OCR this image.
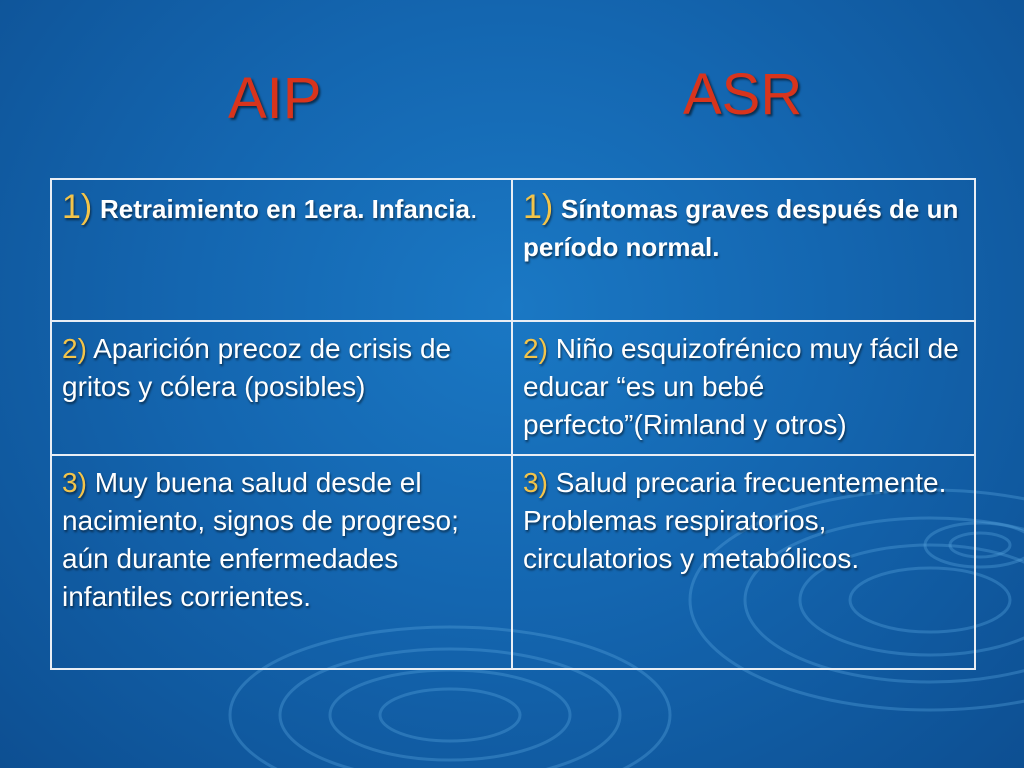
AIP	ASR
1) Retraimiento en 1era. Infancia.	1) Síntomas graves después de un período normal.
2) Aparición precoz de crisis de gritos y cólera (posibles)	2) Niño esquizofrénico muy fácil de educar “es un bebé perfecto”(Rimland y otros)
3) Muy buena salud desde el nacimiento, signos de progreso; aún durante enfermedades infantiles corrientes.	3) Salud precaria frecuentemente. Problemas respiratorios, circulatorios y metabólicos.
